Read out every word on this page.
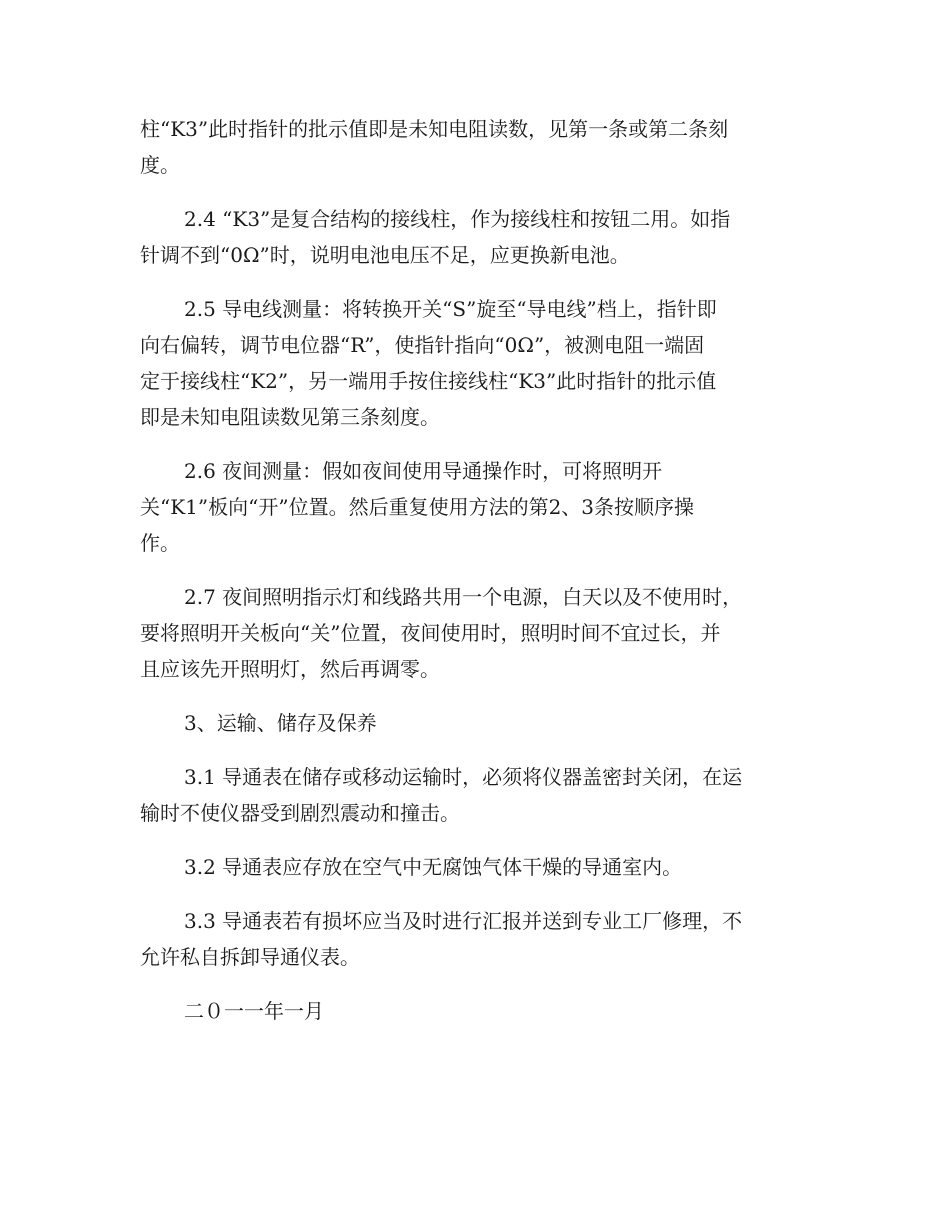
柱“K3”此时指针的批示值即是未知电阻读数，见第一条或第二条刻
度。

2.4 “K3”是复合结构的接线柱，作为接线柱和按钮二用。如指
针调不到“0Ω”时，说明电池电压不足，应更换新电池。

2.5 导电线测量：将转换开关“S”旋至“导电线”档上，指针即
向右偏转，调节电位器“R”，使指针指向“0Ω”，被测电阻一端固
定于接线柱“K2”，另一端用手按住接线柱“K3”此时指针的批示值
即是未知电阻读数见第三条刻度。

2.6 夜间测量：假如夜间使用导通操作时，可将照明开
关“K1”板向“开”位置。然后重复使用方法的第2、3条按顺序操
作。

2.7 夜间照明指示灯和线路共用一个电源，白天以及不使用时，
要将照明开关板向“关”位置，夜间使用时，照明时间不宜过长，并
且应该先开照明灯，然后再调零。

3、运输、储存及保养

3.1 导通表在储存或移动运输时，必须将仪器盖密封关闭，在运
输时不使仪器受到剧烈震动和撞击。

3.2 导通表应存放在空气中无腐蚀气体干燥的导通室内。

3.3 导通表若有损坏应当及时进行汇报并送到专业工厂修理，不
允许私自拆卸导通仪表。

二０一一年一月
